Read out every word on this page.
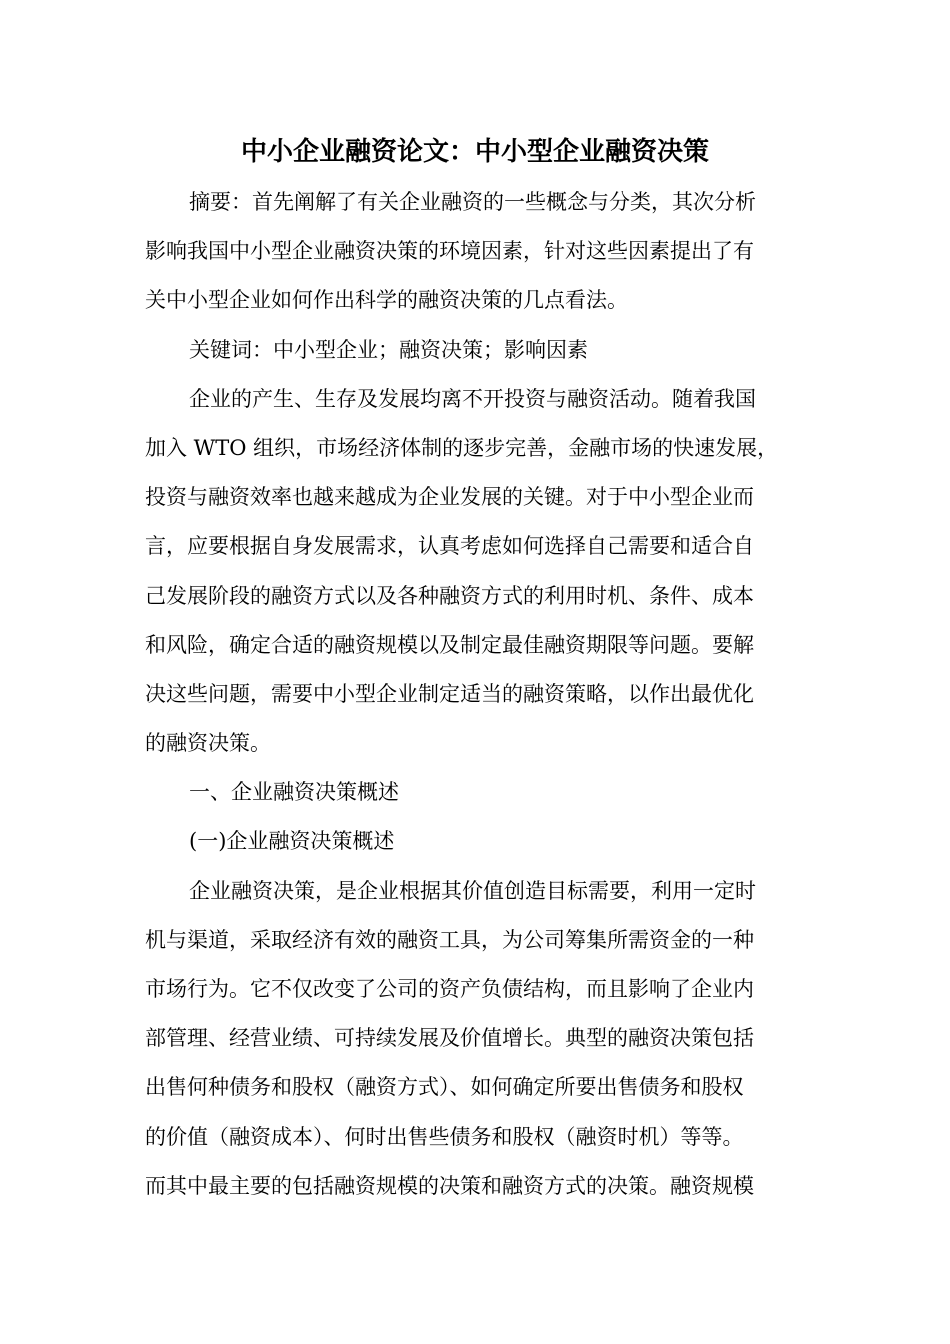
中小企业融资论文：中小型企业融资决策
摘要：首先阐解了有关企业融资的一些概念与分类，其次分析
影响我国中小型企业融资决策的环境因素，针对这些因素提出了有
关中小型企业如何作出科学的融资决策的几点看法。
关键词：中小型企业；融资决策；影响因素
企业的产生、生存及发展均离不开投资与融资活动。随着我国
加入 WTO 组织，市场经济体制的逐步完善，金融市场的快速发展，
投资与融资效率也越来越成为企业发展的关键。对于中小型企业而
言，应要根据自身发展需求，认真考虑如何选择自己需要和适合自
己发展阶段的融资方式以及各种融资方式的利用时机、条件、成本
和风险，确定合适的融资规模以及制定最佳融资期限等问题。要解
决这些问题，需要中小型企业制定适当的融资策略，以作出最优化
的融资决策。
一、企业融资决策概述
(一)企业融资决策概述
企业融资决策，是企业根据其价值创造目标需要，利用一定时
机与渠道，采取经济有效的融资工具，为公司筹集所需资金的一种
市场行为。它不仅改变了公司的资产负债结构，而且影响了企业内
部管理、经营业绩、可持续发展及价值增长。典型的融资决策包括
出售何种债务和股权（融资方式）、如何确定所要出售债务和股权
的价值（融资成本）、何时出售些债务和股权（融资时机）等等。
而其中最主要的包括融资规模的决策和融资方式的决策。融资规模
